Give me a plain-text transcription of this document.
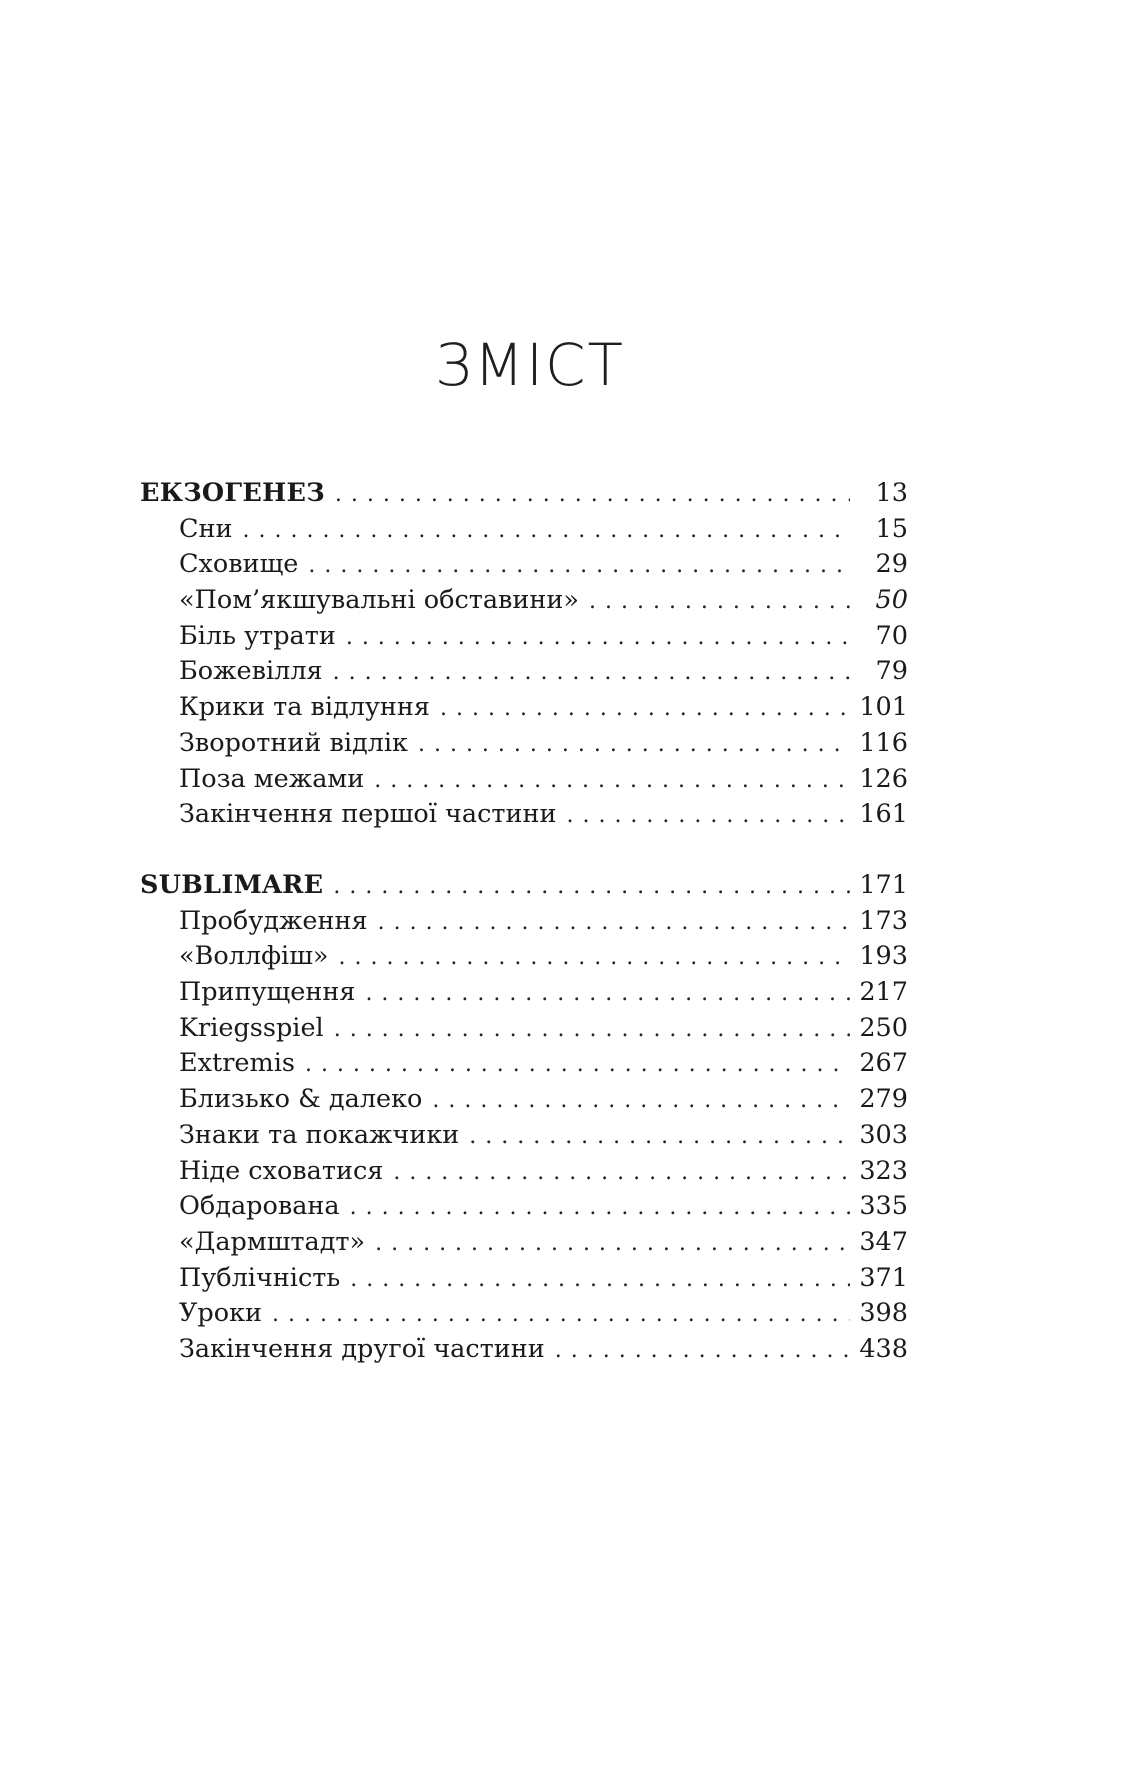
ЗМІСТ
ЕКЗОГЕНЕЗ . . .	13
Сни . . .	15
Сховище . . .	29
«Пом’якшувальні обставини» . . .	50
Біль утрати . . .	70
Божевілля . . .	79
Крики та відлуння . . .	101
Зворотний відлік . . .	116
Поза межами . . .	126
Закінчення першої частини . . .	161
SUBLIMARE . . .	171
Пробудження . . .	173
«Воллфіш» . . .	193
Припущення . . .	217
Kriegsspiel . . .	250
Extremis . . .	267
Близько & далеко . . .	279
Знаки та покажчики . . .	303
Ніде сховатися . . .	323
Обдарована . . .	335
«Дармштадт» . . .	347
Публічність . . .	371
Уроки . . .	398
Закінчення другої частини . . .	438
